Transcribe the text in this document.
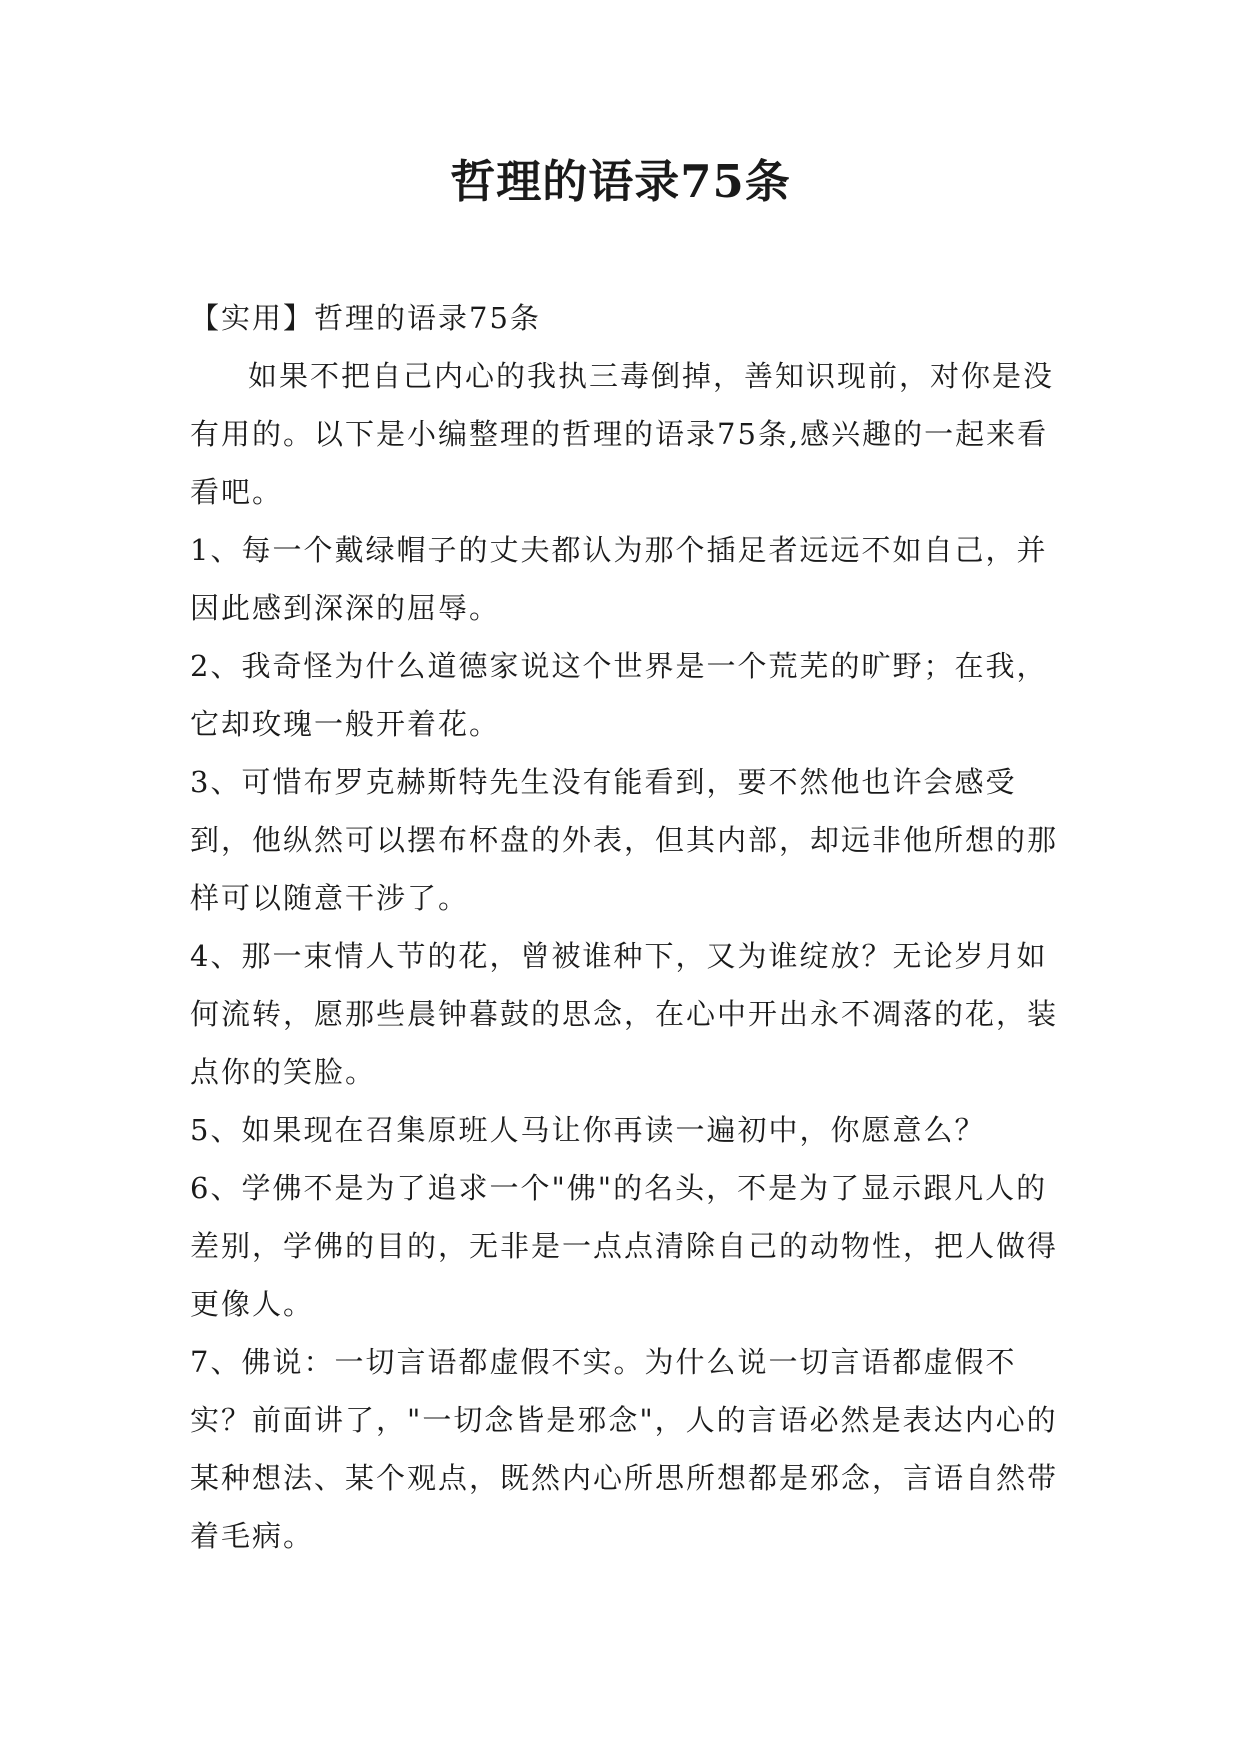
哲理的语录75条

【实用】哲理的语录75条

如果不把自己内心的我执三毒倒掉，善知识现前，对你是没有用的。以下是小编整理的哲理的语录75条,感兴趣的一起来看看吧。

1、每一个戴绿帽子的丈夫都认为那个插足者远远不如自己，并因此感到深深的屈辱。

2、我奇怪为什么道德家说这个世界是一个荒芜的旷野；在我，它却玫瑰一般开着花。

3、可惜布罗克赫斯特先生没有能看到，要不然他也许会感受到，他纵然可以摆布杯盘的外表，但其内部，却远非他所想的那样可以随意干涉了。

4、那一束情人节的花，曾被谁种下，又为谁绽放？无论岁月如何流转，愿那些晨钟暮鼓的思念，在心中开出永不凋落的花，装点你的笑脸。

5、如果现在召集原班人马让你再读一遍初中，你愿意么？

6、学佛不是为了追求一个"佛"的名头，不是为了显示跟凡人的差别，学佛的目的，无非是一点点清除自己的动物性，把人做得更像人。

7、佛说：一切言语都虚假不实。为什么说一切言语都虚假不实？前面讲了，"一切念皆是邪念"，人的言语必然是表达内心的某种想法、某个观点，既然内心所思所想都是邪念，言语自然带着毛病。
